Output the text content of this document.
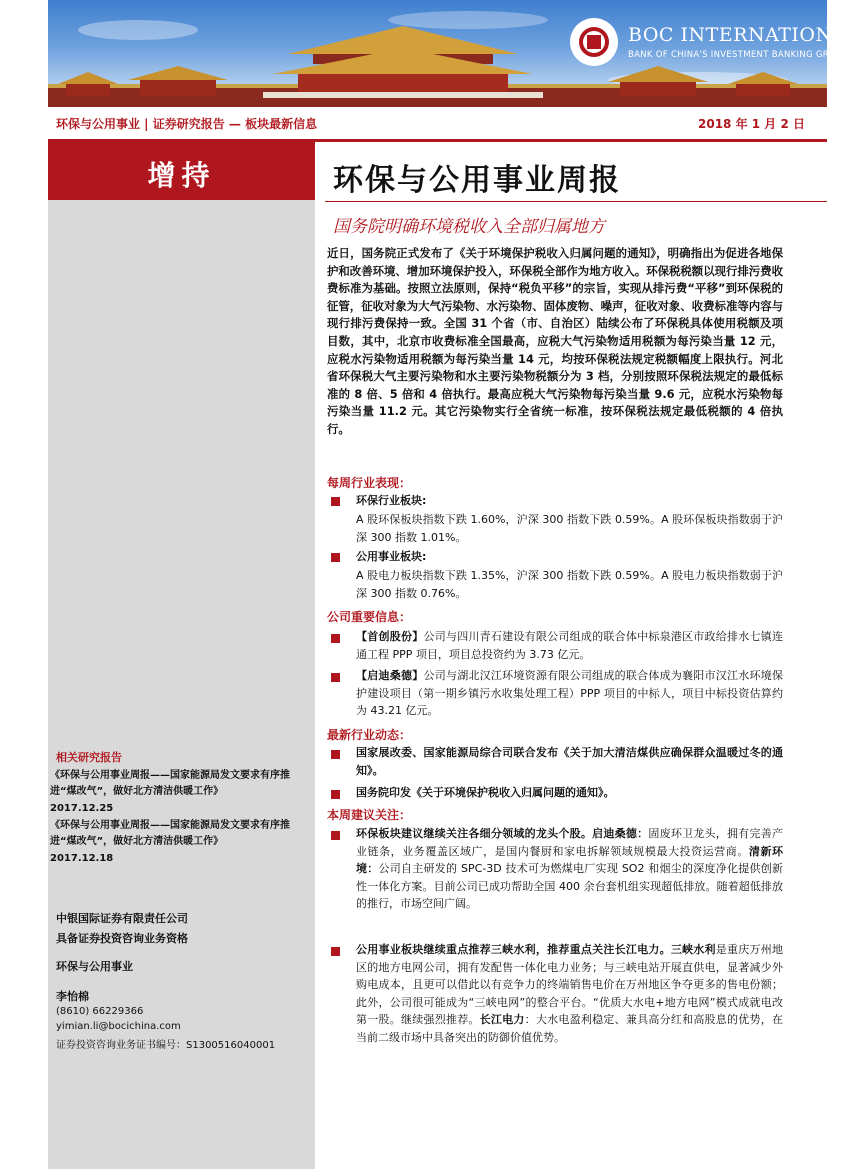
BOC INTERNATIONAL
BANK OF CHINA'S INVESTMENT BANKING GROUP
环保与公用事业 | 证券研究报告 — 板块最新信息	2018 年 1 月 2 日
增持	环保与公用事业周报
国务院明确环境税收入全部归属地方
近日，国务院正式发布了《关于环境保护税收入归属问题的通知》，明确指出为促进各地保护和改善环境、增加环境保护投入，环保税全部作为地方收入。环保税税额以现行排污费收费标准为基础。按照立法原则，保持“税负平移”的宗旨，实现从排污费“平移”到环保税的征管，征收对象为大气污染物、水污染物、固体废物、噪声，征收对象、收费标准等内容与现行排污费保持一致。全国 31 个省（市、自治区）陆续公布了环保税具体使用税额及项目数，其中，北京市收费标准全国最高，应税大气污染物适用税额为每污染当量 12 元，应税水污染物适用税额为每污染当量 14 元，均按环保税法规定税额幅度上限执行。河北省环保税大气主要污染物和水主要污染物税额分为 3 档，分别按照环保税法规定的最低标准的 8 倍、5 倍和 4 倍执行。最高应税大气污染物每污染当量 9.6 元，应税水污染物每污染当量 11.2 元。其它污染物实行全省统一标准，按环保税法规定最低税额的 4 倍执行。
每周行业表现：
环保行业板块:
A 股环保板块指数下跌 1.60%，沪深 300 指数下跌 0.59%。A 股环保板块指数弱于沪深 300 指数 1.01%。
公用事业板块:
A 股电力板块指数下跌 1.35%，沪深 300 指数下跌 0.59%。A 股电力板块指数弱于沪深 300 指数 0.76%。
公司重要信息：
【首创股份】公司与四川青石建设有限公司组成的联合体中标泉港区市政给排水七镇连通工程 PPP 项目，项目总投资约为 3.73 亿元。
【启迪桑德】公司与湖北汉江环境资源有限公司组成的联合体成为襄阳市汉江水环境保护建设项目（第一期乡镇污水收集处理工程）PPP 项目的中标人，项目中标投资估算约为 43.21 亿元。
最新行业动态：
国家展改委、国家能源局综合司联合发布《关于加大清洁煤供应确保群众温暖过冬的通知》。
国务院印发《关于环境保护税收入归属问题的通知》。
本周建议关注：
环保板块建议继续关注各细分领域的龙头个股。启迪桑德：固废环卫龙头，拥有完善产业链条，业务覆盖区域广，是国内餐厨和家电拆解领域规模最大投资运营商。清新环境：公司自主研发的 SPC-3D 技术可为燃煤电厂实现 SO2 和烟尘的深度净化提供创新性一体化方案。目前公司已成功帮助全国 400 余台套机组实现超低排放。随着超低排放的推行，市场空间广阔。
公用事业板块继续重点推荐三峡水利，推荐重点关注长江电力。三峡水利是重庆万州地区的地方电网公司，拥有发配售一体化电力业务；与三峡电站开展直供电，显著减少外购电成本，且更可以借此以有竞争力的终端销售电价在万州地区争夺更多的售电份额；此外，公司很可能成为“三峡电网”的整合平台。“优质大水电+地方电网”模式成就电改第一股。继续强烈推荐。长江电力：大水电盈利稳定、兼具高分红和高股息的优势，在当前二级市场中具备突出的防御价值优势。
相关研究报告
《环保与公用事业周报——国家能源局发文要求有序推进“煤改气”，做好北方清洁供暖工作》
2017.12.25
《环保与公用事业周报——国家能源局发文要求有序推进“煤改气”，做好北方清洁供暖工作》
2017.12.18
中银国际证券有限责任公司
具备证券投资咨询业务资格
环保与公用事业
李怡棉
(8610) 66229366
yimian.li@bocichina.com
证券投资咨询业务证书编号：S1300516040001
